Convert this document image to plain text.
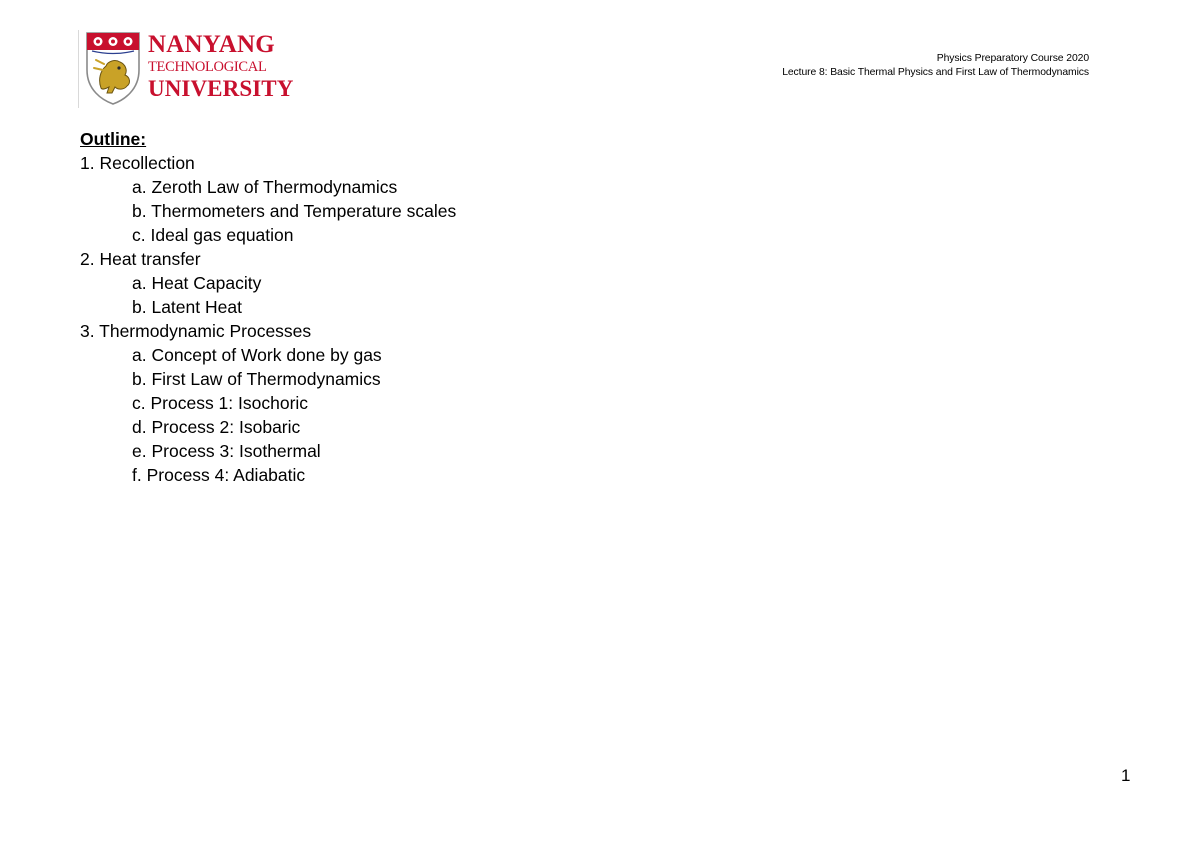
NANYANG
TECHNOLOGICAL
UNIVERSITY
Physics Preparatory Course 2020
Lecture 8: Basic Thermal Physics and First Law of Thermodynamics
Outline:
1. Recollection
a. Zeroth Law of Thermodynamics
b. Thermometers and Temperature scales
c. Ideal gas equation
2. Heat transfer
a. Heat Capacity
b. Latent Heat
3. Thermodynamic Processes
a. Concept of Work done by gas
b. First Law of Thermodynamics
c. Process 1: Isochoric
d. Process 2: Isobaric
e. Process 3: Isothermal
f. Process 4: Adiabatic
1
